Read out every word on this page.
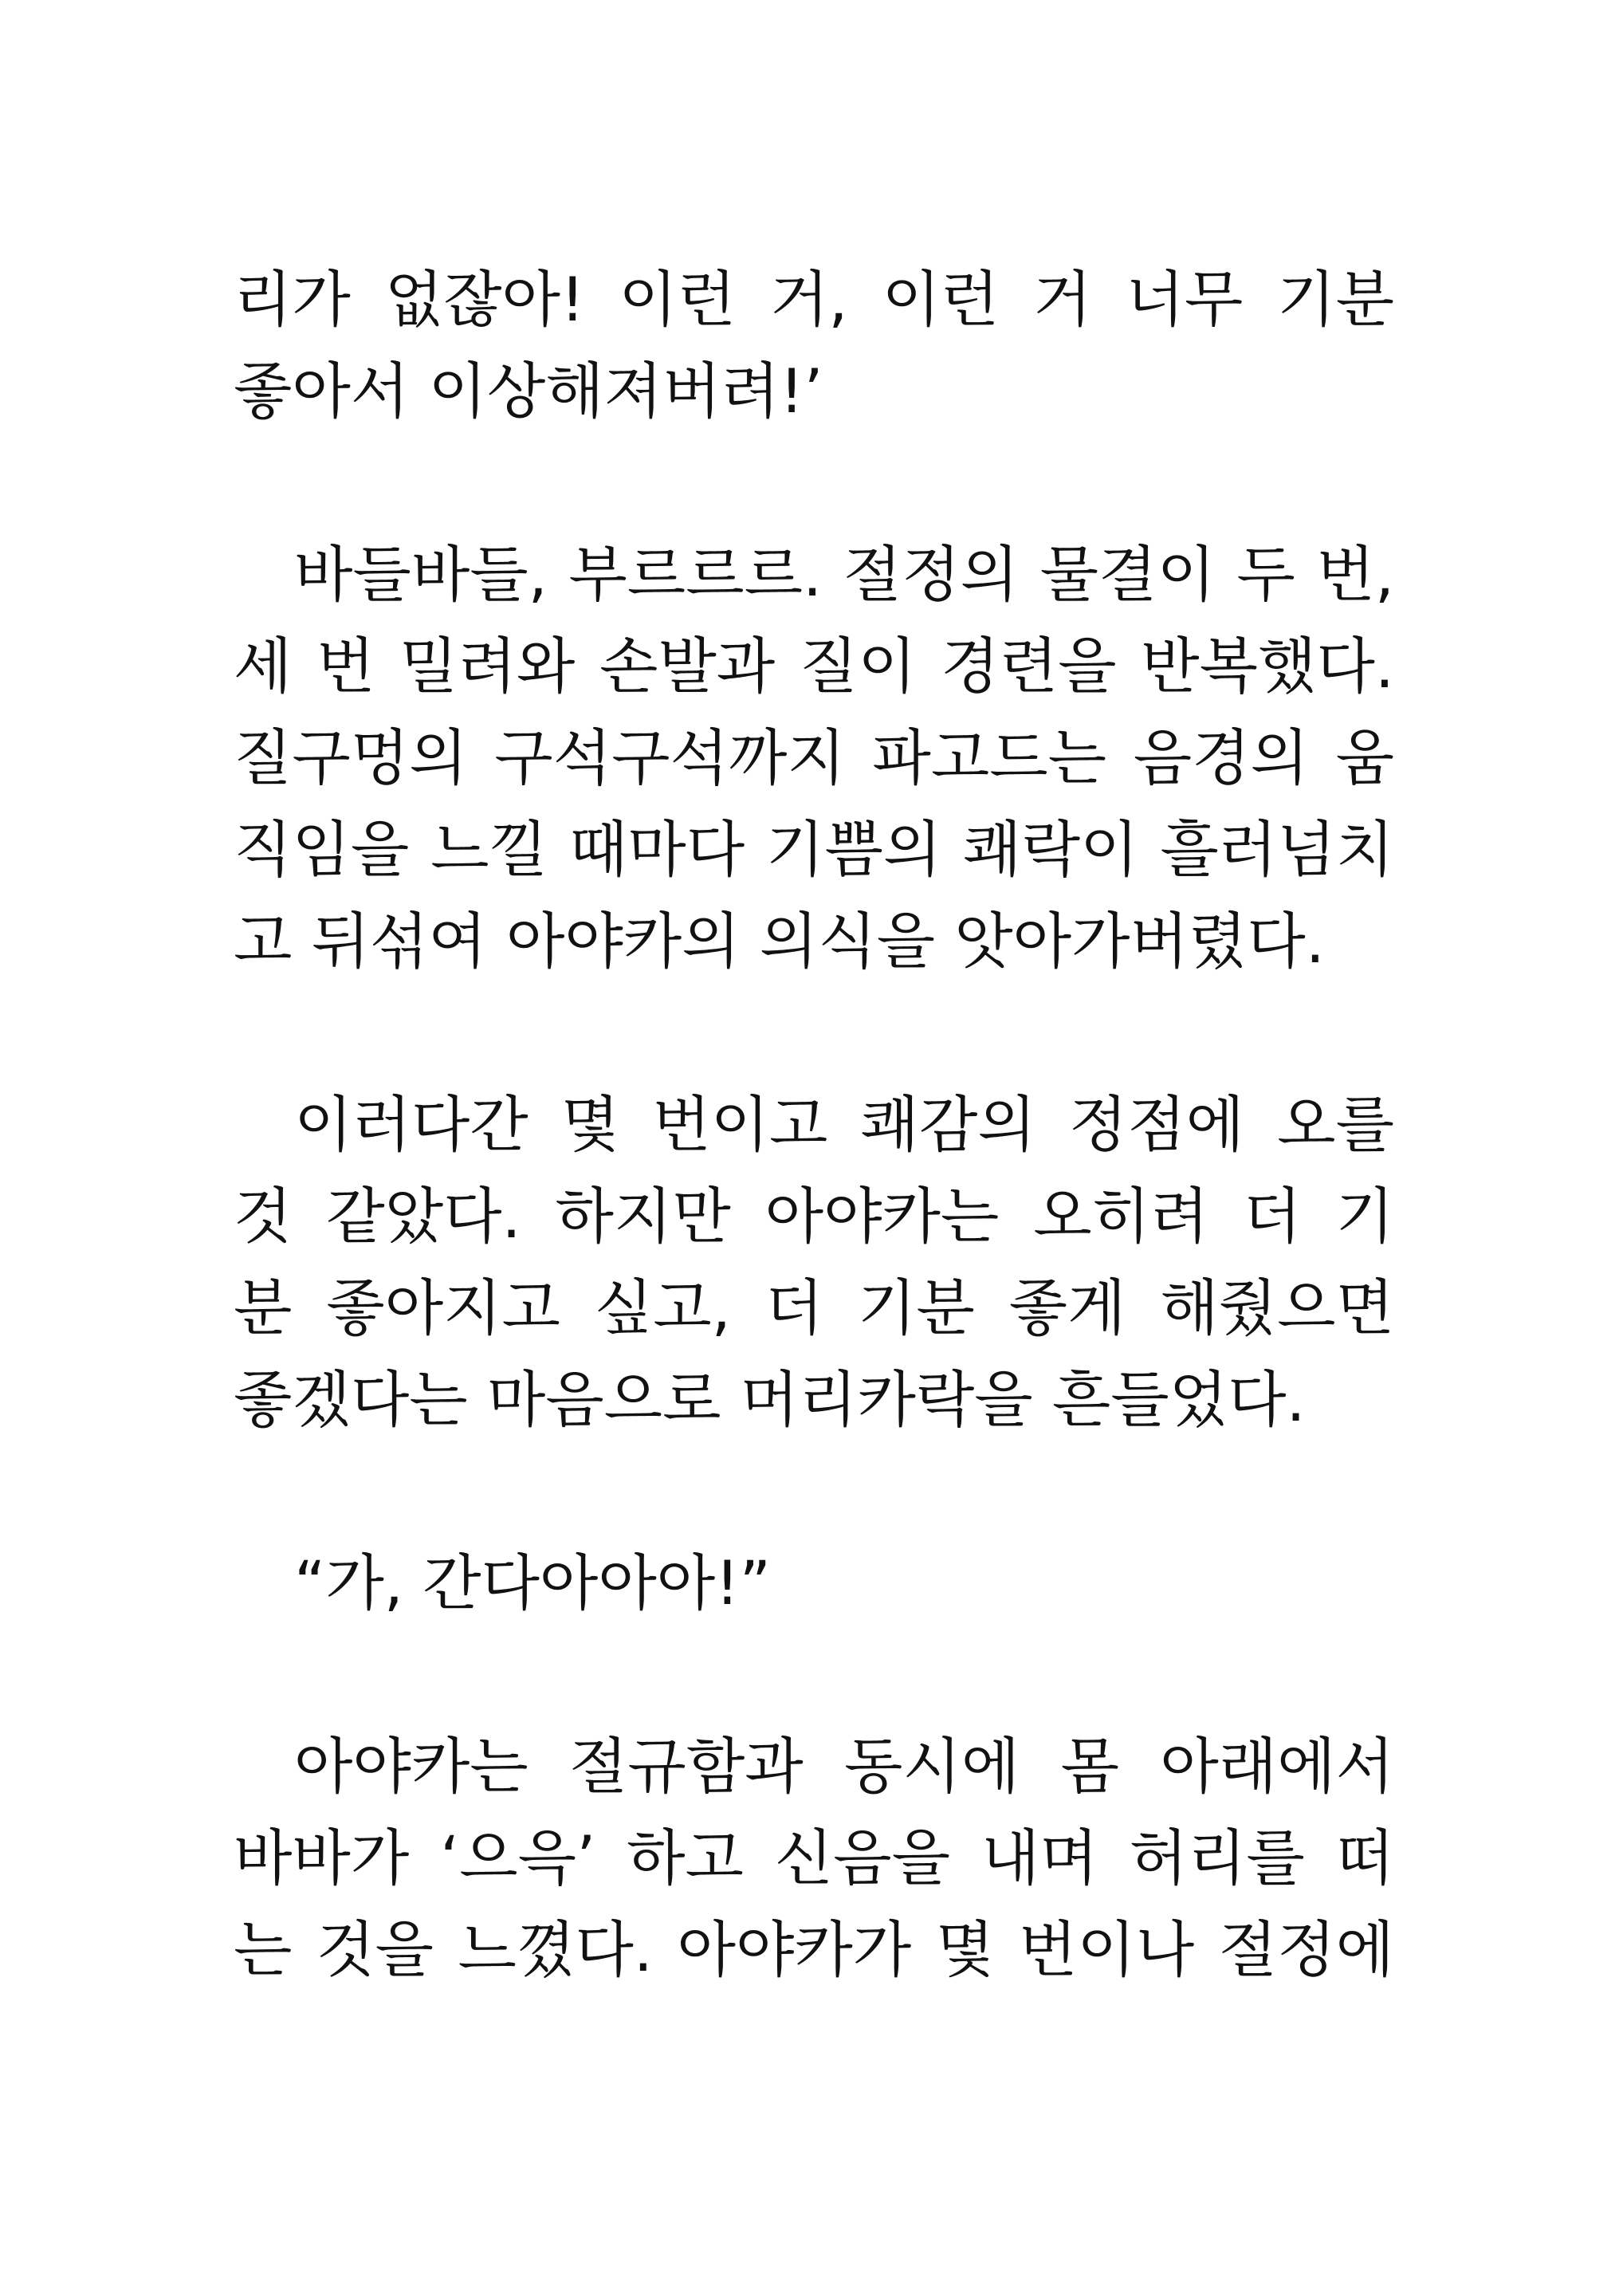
리가 없잖아! 이런 거, 이런 거 너무 기분
좋아서 이상해져버려!’
바들바들, 부르르르. 절정의 물결이 두 번,
세 번 밀려와 손발과 질이 경련을 반복했다.
질구멍의 구석구석까지 파고드는 음경의 움
직임을 느낄 때마다 기쁨의 쾌락이 흘러넘치
고 뒤섞여 아야카의 의식을 앗아가버렸다.
이러다간 몇 번이고 쾌감의 정점에 오를
것 같았다. 하지만 아야카는 오히려 더 기
분 좋아지고 싶고, 더 기분 좋게 해줬으면
좋겠다는 마음으로 머리카락을 흔들었다.
“가, 간다아아아!”
아야카는 절규함과 동시에 몸 아래에서
바바가 ‘으윽’ 하고 신음을 내며 허리를 떠
는 것을 느꼈다. 아야카가 몇 번이나 절정에
